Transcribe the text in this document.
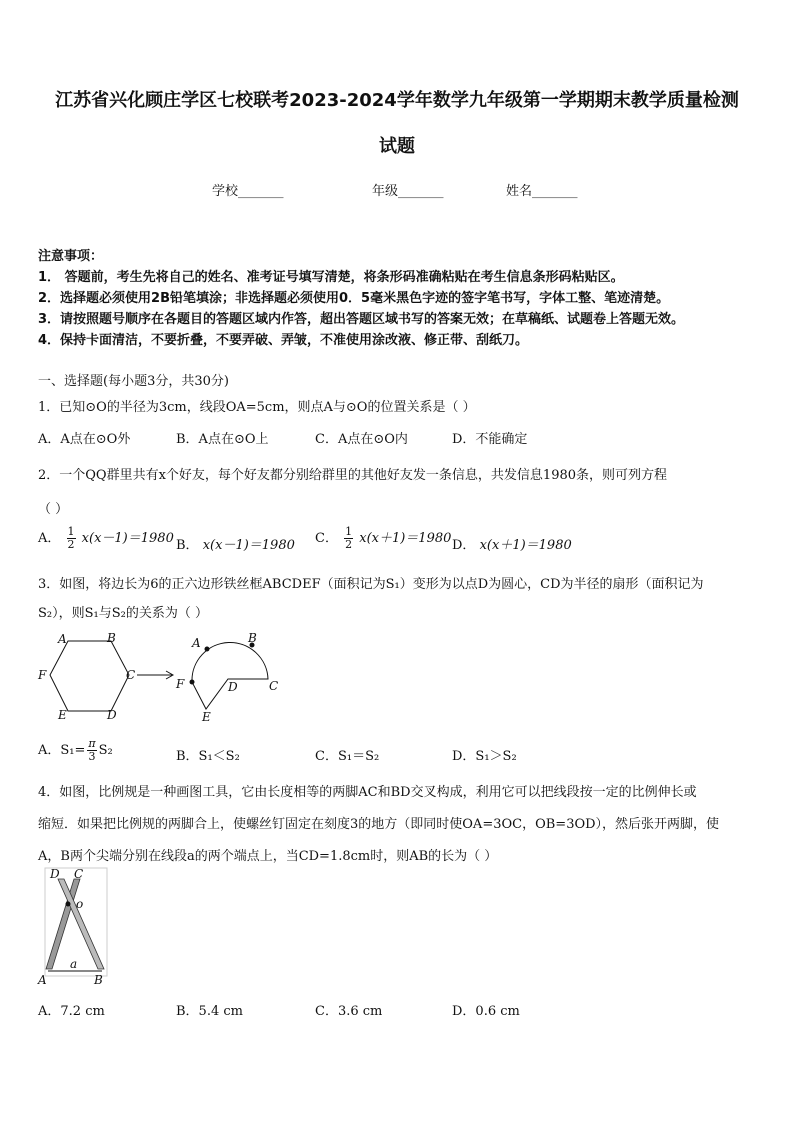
江苏省兴化顾庄学区七校联考2023-2024学年数学九年级第一学期期末教学质量检测
试题
学校_______	年级_______	姓名_______
注意事项：
1． 答题前，考生先将自己的姓名、准考证号填写清楚，将条形码准确粘贴在考生信息条形码粘贴区。
2．选择题必须使用2B铅笔填涂；非选择题必须使用0．5毫米黑色字迹的签字笔书写，字体工整、笔迹清楚。
3．请按照题号顺序在各题目的答题区域内作答，超出答题区域书写的答案无效；在草稿纸、试题卷上答题无效。
4．保持卡面清洁，不要折叠，不要弄破、弄皱，不准使用涂改液、修正带、刮纸刀。
一、选择题(每小题3分，共30分)
1．已知⊙O的半径为3cm，线段OA=5cm，则点A与⊙O的位置关系是（ ）
A．A点在⊙O外	B．A点在⊙O上	C．A点在⊙O内	D．不能确定
2．一个QQ群里共有x个好友，每个好友都分别给群里的其他好友发一条信息，共发信息1980条，则可列方程
（ ）
A． $\frac{1}{2} x(x-1)=1980$ B． x(x－1)＝1980 C． $\frac{1}{2} x(x+1)=1980$ D． x(x＋1)＝1980
3．如图，将边长为6的正六边形铁丝框ABCDEF（面积记为S₁）变形为以点D为圆心，CD为半径的扇形（面积记为
S₂），则S₁与S₂的关系为（ ）
A	B
C
D
E
F
A	B
C
D
E
F
A．$S_1= \frac{\pi}{3} S_2$	B．S₁＜S₂	C．S₁＝S₂	D．S₁＞S₂
4．如图，比例规是一种画图工具，它由长度相等的两脚AC和BD交叉构成，利用它可以把线段按一定的比例伸长或
缩短．如果把比例规的两脚合上，使螺丝钉固定在刻度3的地方（即同时使OA=3OC，OB=3OD），然后张开两脚，使
A，B两个尖端分别在线段a的两个端点上，当CD=1.8cm时，则AB的长为（ ）
D C
o
a
A	B
A．7.2 cm	B．5.4 cm	C．3.6 cm	D．0.6 cm
